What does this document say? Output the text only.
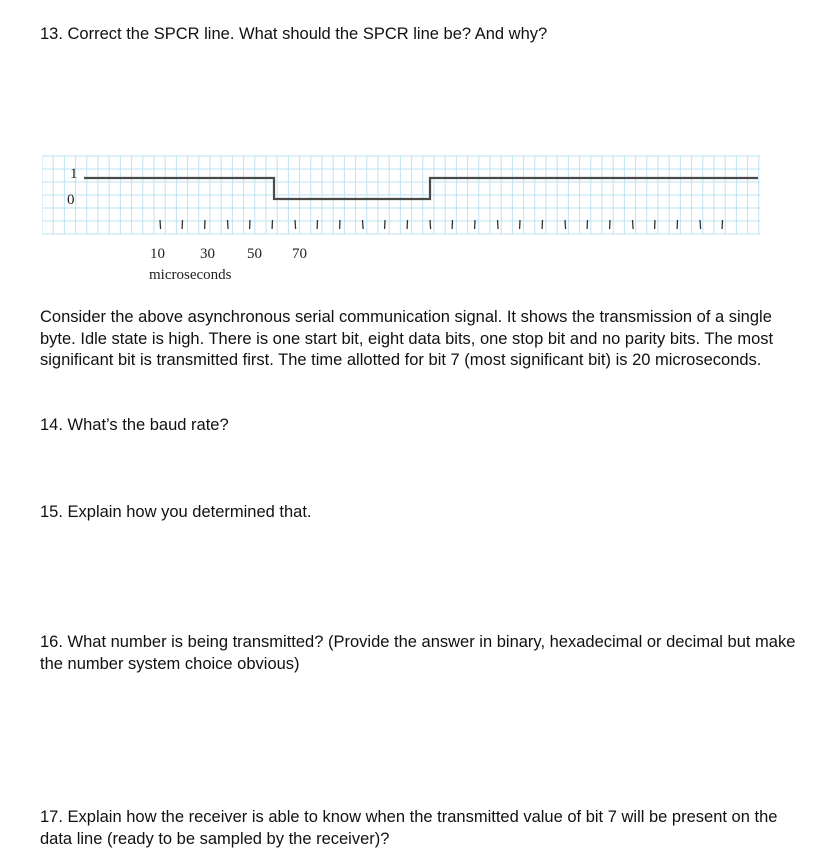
13. Correct the SPCR line. What should the SPCR line be? And why?

1
0
10 30 50 70
microseconds

Consider the above asynchronous serial communication signal. It shows the transmission of a single byte. Idle state is high. There is one start bit, eight data bits, one stop bit and no parity bits. The most significant bit is transmitted first. The time allotted for bit 7 (most significant bit) is 20 microseconds.

14. What’s the baud rate?

15. Explain how you determined that.

16. What number is being transmitted? (Provide the answer in binary, hexadecimal or decimal but make the number system choice obvious)

17. Explain how the receiver is able to know when the transmitted value of bit 7 will be present on the data line (ready to be sampled by the receiver)?
